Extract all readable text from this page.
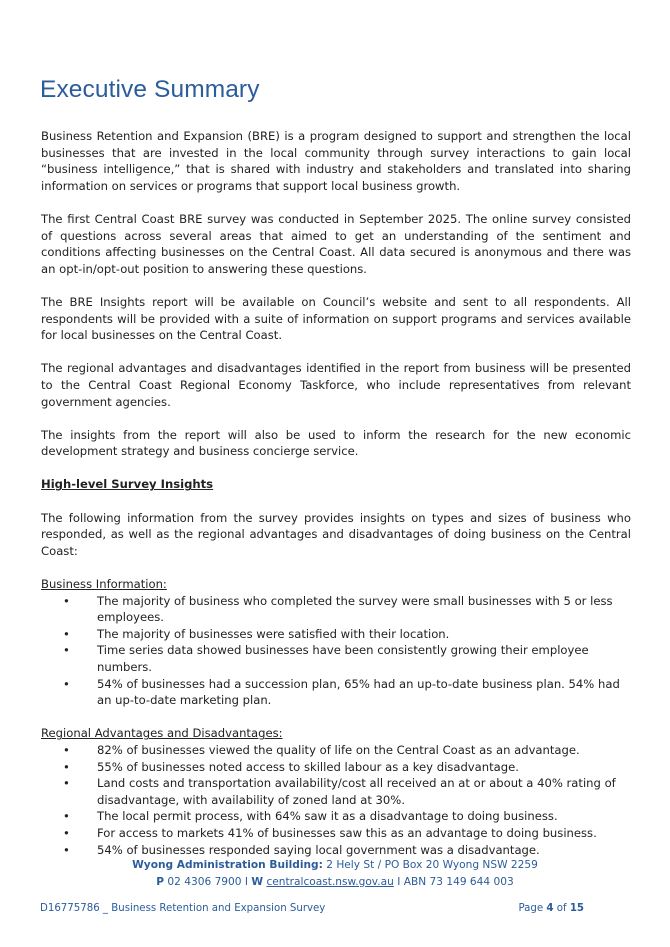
Executive Summary

Business Retention and Expansion (BRE) is a program designed to support and strengthen the local businesses that are invested in the local community through survey interactions to gain local “business intelligence,” that is shared with industry and stakeholders and translated into sharing information on services or programs that support local business growth.

The first Central Coast BRE survey was conducted in September 2025. The online survey consisted of questions across several areas that aimed to get an understanding of the sentiment and conditions affecting businesses on the Central Coast. All data secured is anonymous and there was an opt-in/opt-out position to answering these questions.

The BRE Insights report will be available on Council’s website and sent to all respondents. All respondents will be provided with a suite of information on support programs and services available for local businesses on the Central Coast.

The regional advantages and disadvantages identified in the report from business will be presented to the Central Coast Regional Economy Taskforce, who include representatives from relevant government agencies.

The insights from the report will also be used to inform the research for the new economic development strategy and business concierge service.

High-level Survey Insights

The following information from the survey provides insights on types and sizes of business who responded, as well as the regional advantages and disadvantages of doing business on the Central Coast:

Business Information:
• The majority of business who completed the survey were small businesses with 5 or less employees.
• The majority of businesses were satisfied with their location.
• Time series data showed businesses have been consistently growing their employee numbers.
• 54% of businesses had a succession plan, 65% had an up-to-date business plan. 54% had an up-to-date marketing plan.
Regional Advantages and Disadvantages:
• 82% of businesses viewed the quality of life on the Central Coast as an advantage.
• 55% of businesses noted access to skilled labour as a key disadvantage.
• Land costs and transportation availability/cost all received an at or about a 40% rating of disadvantage, with availability of zoned land at 30%.
• The local permit process, with 64% saw it as a disadvantage to doing business.
• For access to markets 41% of businesses saw this as an advantage to doing business.
• 54% of businesses responded saying local government was a disadvantage.
Wyong Administration Building: 2 Hely St / PO Box 20 Wyong NSW 2259
P 02 4306 7900 I W centralcoast.nsw.gov.au I ABN 73 149 644 003
D16775786 _ Business Retention and Expansion Survey	Page 4 of 15
